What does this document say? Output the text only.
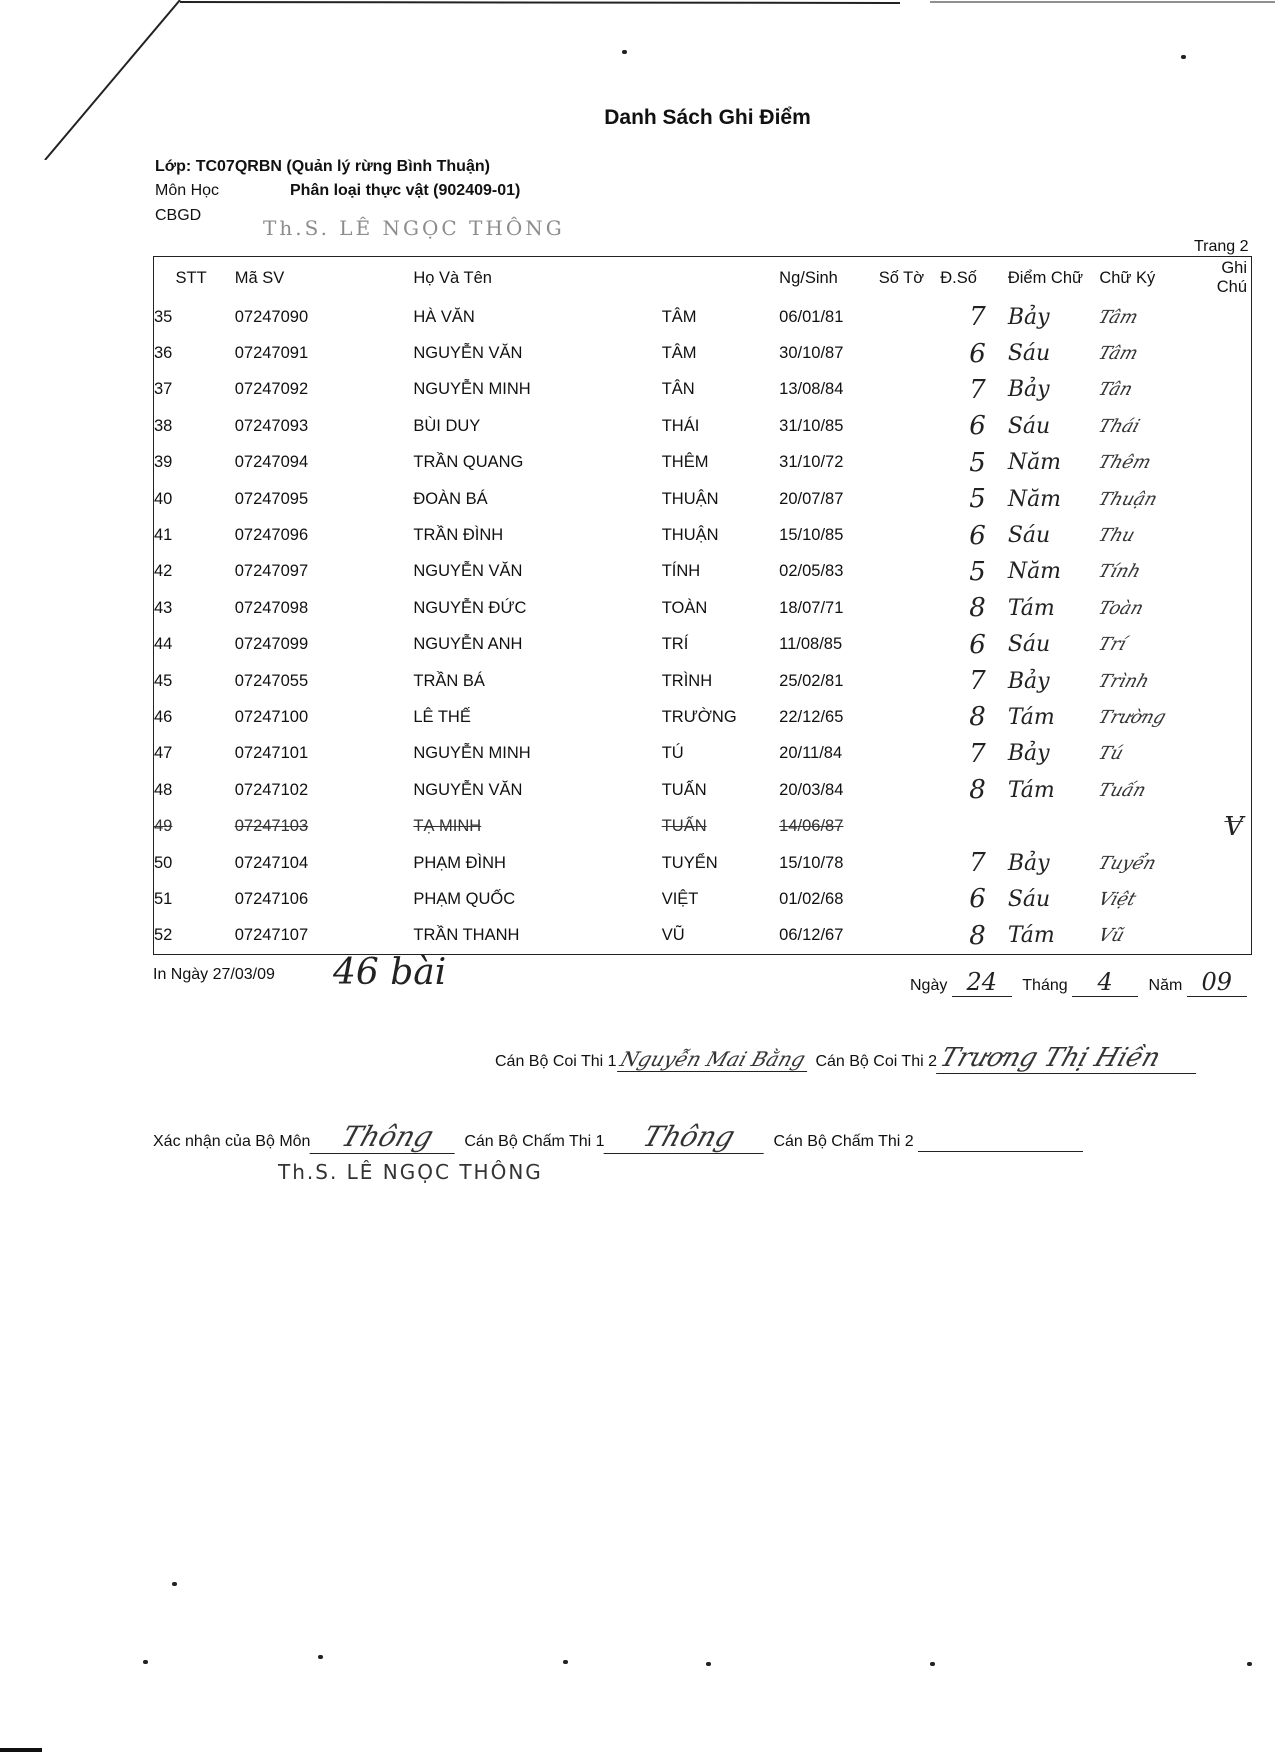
Danh Sách Ghi Điểm
Lớp: TC07QRBN (Quản lý rừng Bình Thuận)
Môn Học	Phân loại thực vật (902409-01)
CBGD
Th.S. LÊ NGỌC THÔNG
Trang 2
STT	Mã SV	Họ Và Tên		Ng/Sinh	Số Tờ	Đ.Số	Điểm Chữ	Chữ Ký	Ghi Chú
35	07247090	HÀ VĂN	TÂM	06/01/81		7	Bảy	Tâm	
36	07247091	NGUYỄN VĂN	TÂM	30/10/87		6	Sáu	Tâm	
37	07247092	NGUYỄN MINH	TÂN	13/08/84		7	Bảy	Tân	
38	07247093	BÙI DUY	THÁI	31/10/85		6	Sáu	Thái	
39	07247094	TRẦN QUANG	THÊM	31/10/72		5	Năm	Thêm	
40	07247095	ĐOÀN BÁ	THUẬN	20/07/87		5	Năm	Thuận	
41	07247096	TRẦN ĐÌNH	THUẬN	15/10/85		6	Sáu	Thu	
42	07247097	NGUYỄN VĂN	TÍNH	02/05/83		5	Năm	Tính	
43	07247098	NGUYỄN ĐỨC	TOÀN	18/07/71		8	Tám	Toàn	
44	07247099	NGUYỄN ANH	TRÍ	11/08/85		6	Sáu	Trí	
45	07247055	TRẦN BÁ	TRÌNH	25/02/81		7	Bảy	Trình	
46	07247100	LÊ THẾ	TRƯỜNG	22/12/65		8	Tám	Trường	
47	07247101	NGUYỄN MINH	TÚ	20/11/84		7	Bảy	Tú	
48	07247102	NGUYỄN VĂN	TUẤN	20/03/84		8	Tám	Tuấn	
49	07247103	TẠ MINH	TUẤN	14/06/87					V
50	07247104	PHẠM ĐÌNH	TUYỂN	15/10/78		7	Bảy	Tuyển	
51	07247106	PHẠM QUỐC	VIỆT	01/02/68		6	Sáu	Việt	
52	07247107	TRẦN THANH	VŨ	06/12/67		8	Tám	Vũ	
In Ngày 27/03/09 46 bài	Ngày 24 Tháng 4 Năm 09
Cán Bộ Coi Thi 1 Nguyễn Mai Bằng Cán Bộ Coi Thi 2 Trương Thị Hiền
Xác nhận của Bộ Môn Thông Cán Bộ Chấm Thi 1 Thông Cán Bộ Chấm Thi 2
Th.S. LÊ NGỌC THÔNG
